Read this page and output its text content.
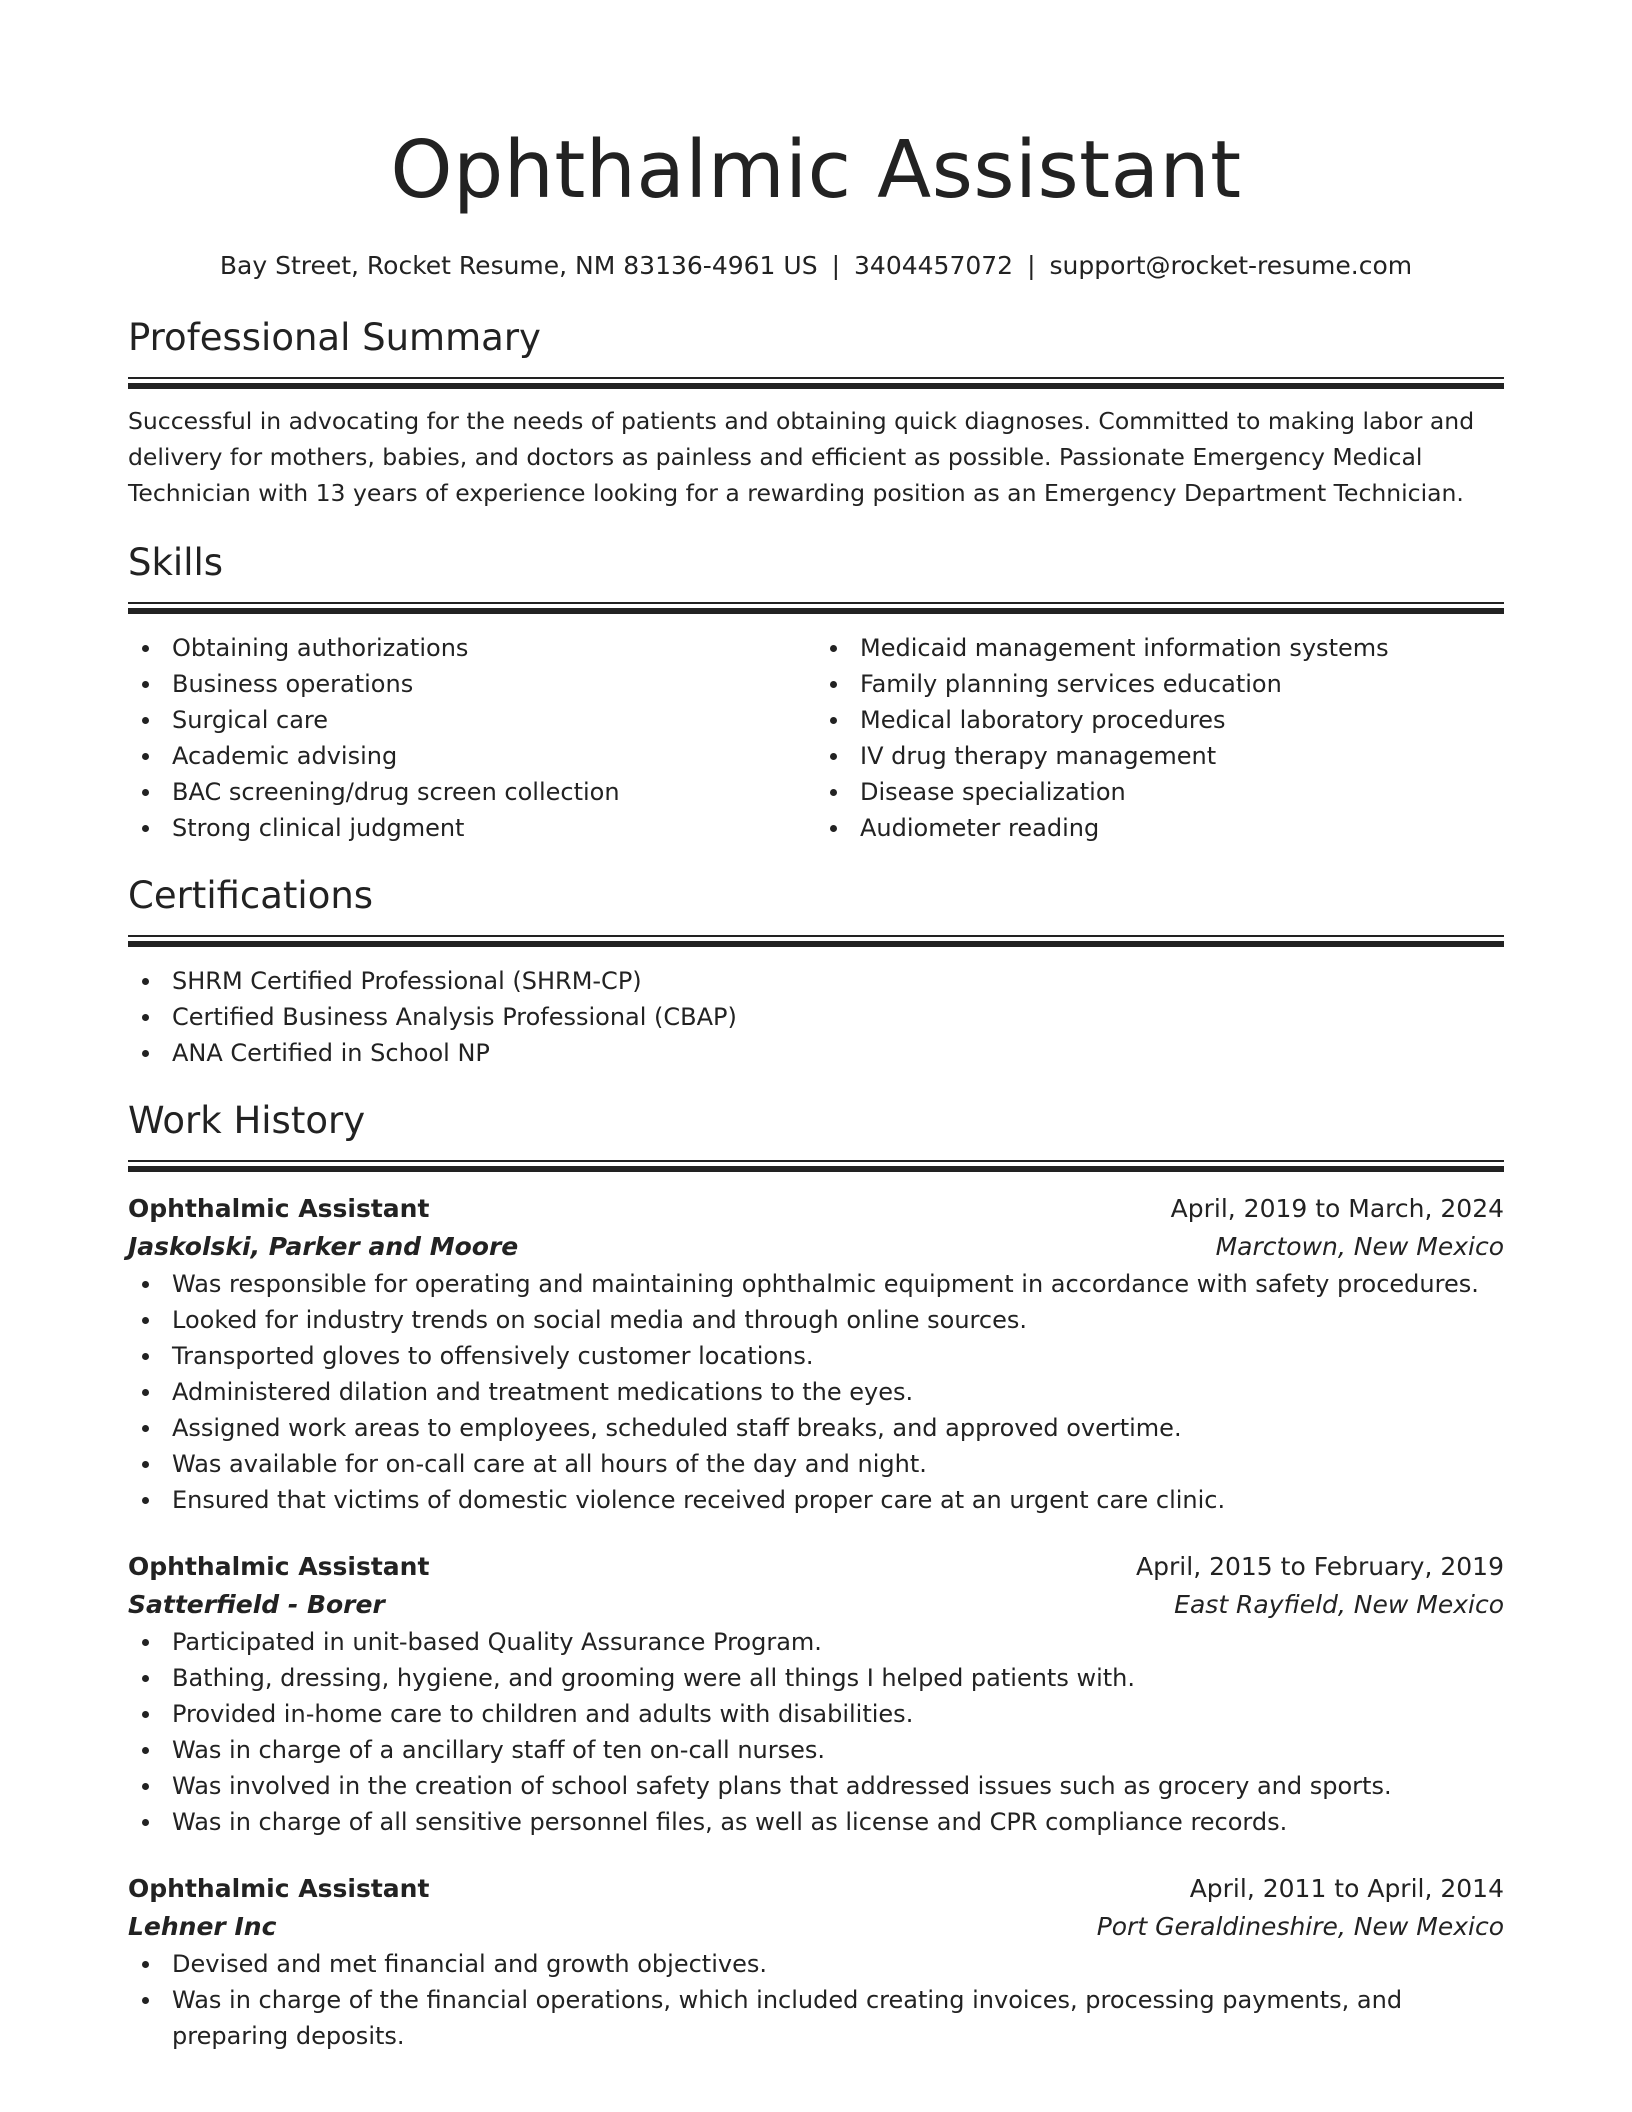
Ophthalmic Assistant
Bay Street, Rocket Resume, NM 83136-4961 US | 3404457072 | support@rocket-resume.com
Professional Summary

Successful in advocating for the needs of patients and obtaining quick diagnoses. Committed to making labor and delivery for mothers, babies, and doctors as painless and efficient as possible. Passionate Emergency Medical Technician with 13 years of experience looking for a rewarding position as an Emergency Department Technician.

Skills
Obtaining authorizations
Business operations
Surgical care
Academic advising
BAC screening/drug screen collection
Strong clinical judgment
Medicaid management information systems
Family planning services education
Medical laboratory procedures
IV drug therapy management
Disease specialization
Audiometer reading
Certifications
SHRM Certified Professional (SHRM-CP)
Certified Business Analysis Professional (CBAP)
ANA Certified in School NP
Work History
Ophthalmic Assistant	April, 2019 to March, 2024
Jaskolski, Parker and Moore	Marctown, New Mexico
Was responsible for operating and maintaining ophthalmic equipment in accordance with safety procedures.
Looked for industry trends on social media and through online sources.
Transported gloves to offensively customer locations.
Administered dilation and treatment medications to the eyes.
Assigned work areas to employees, scheduled staff breaks, and approved overtime.
Was available for on-call care at all hours of the day and night.
Ensured that victims of domestic violence received proper care at an urgent care clinic.
Ophthalmic Assistant	April, 2015 to February, 2019
Satterfield - Borer	East Rayfield, New Mexico
Participated in unit-based Quality Assurance Program.
Bathing, dressing, hygiene, and grooming were all things I helped patients with.
Provided in-home care to children and adults with disabilities.
Was in charge of a ancillary staff of ten on-call nurses.
Was involved in the creation of school safety plans that addressed issues such as grocery and sports.
Was in charge of all sensitive personnel files, as well as license and CPR compliance records.
Ophthalmic Assistant	April, 2011 to April, 2014
Lehner Inc	Port Geraldineshire, New Mexico
Devised and met financial and growth objectives.
Was in charge of the financial operations, which included creating invoices, processing payments, and preparing deposits.
